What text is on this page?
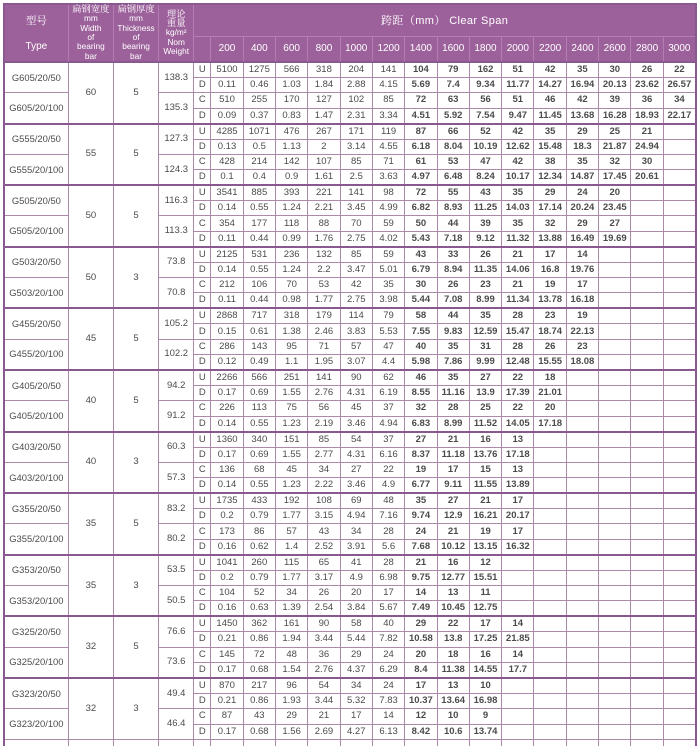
型号
Type

扁钢宽度
mm
Width
of
bearing
bar

扁钢厚度
mm
Thickness
of
bearing
bar

理论
重量
kg/m²
Nom
Weight
	跨距（mm） Clear Span
					200	400	600	800	1000	1200	1400	1600	1800	2000	2200	2400	2600	2800	3000
G605/20/50	60	5	138.3	U	5100	1275	566	318	204	141	104	79	162	51	42	35	30	26	22
				D	0.11	0.46	1.03	1.84	2.88	4.15	5.69	7.4	9.34	11.77	14.27	16.94	20.13	23.62	26.57
G605/20/100			135.3	C	510	255	170	127	102	85	72	63	56	51	46	42	39	36	34
				D	0.09	0.37	0.83	1.47	2.31	3.34	4.51	5.92	7.54	9.47	11.45	13.68	16.28	18.93	22.17
G555/20/50	55	5	127.3	U	4285	1071	476	267	171	119	87	66	52	42	35	29	25	21	
				D	0.13	0.5	1.13	2	3.14	4.55	6.18	8.04	10.19	12.62	15.48	18.3	21.87	24.94	
G555/20/100			124.3	C	428	214	142	107	85	71	61	53	47	42	38	35	32	30	
				D	0.1	0.4	0.9	1.61	2.5	3.63	4.97	6.48	8.24	10.17	12.34	14.87	17.45	20.61	
G505/20/50	50	5	116.3	U	3541	885	393	221	141	98	72	55	43	35	29	24	20		
				D	0.14	0.55	1.24	2.21	3.45	4.99	6.82	8.93	11.25	14.03	17.14	20.24	23.45		
G505/20/100			113.3	C	354	177	118	88	70	59	50	44	39	35	32	29	27		
				D	0.11	0.44	0.99	1.76	2.75	4.02	5.43	7.18	9.12	11.32	13.88	16.49	19.69		
G503/20/50	50	3	73.8	U	2125	531	236	132	85	59	43	33	26	21	17	14			
				D	0.14	0.55	1.24	2.2	3.47	5.01	6.79	8.94	11.35	14.06	16.8	19.76			
G503/20/100			70.8	C	212	106	70	53	42	35	30	26	23	21	19	17			
				D	0.11	0.44	0.98	1.77	2.75	3.98	5.44	7.08	8.99	11.34	13.78	16.18			
G455/20/50	45	5	105.2	U	2868	717	318	179	114	79	58	44	35	28	23	19			
				D	0.15	0.61	1.38	2.46	3.83	5.53	7.55	9.83	12.59	15.47	18.74	22.13			
G455/20/100			102.2	C	286	143	95	71	57	47	40	35	31	28	26	23			
				D	0.12	0.49	1.1	1.95	3.07	4.4	5.98	7.86	9.99	12.48	15.55	18.08			
G405/20/50	40	5	94.2	U	2266	566	251	141	90	62	46	35	27	22	18				
				D	0.17	0.69	1.55	2.76	4.31	6.19	8.55	11.16	13.9	17.39	21.01				
G405/20/100			91.2	C	226	113	75	56	45	37	32	28	25	22	20				
				D	0.14	0.55	1.23	2.19	3.46	4.94	6.83	8.99	11.52	14.05	17.18				
G403/20/50	40	3	60.3	U	1360	340	151	85	54	37	27	21	16	13					
				D	0.17	0.69	1.55	2.77	4.31	6.16	8.37	11.18	13.76	17.18					
G403/20/100			57.3	C	136	68	45	34	27	22	19	17	15	13					
				D	0.14	0.55	1.23	2.22	3.46	4.9	6.77	9.11	11.55	13.89					
G355/20/50	35	5	83.2	U	1735	433	192	108	69	48	35	27	21	17					
				D	0.2	0.79	1.77	3.15	4.94	7.16	9.74	12.9	16.21	20.17					
G355/20/100			80.2	C	173	86	57	43	34	28	24	21	19	17					
				D	0.16	0.62	1.4	2.52	3.91	5.6	7.68	10.12	13.15	16.32					
G353/20/50	35	3	53.5	U	1041	260	115	65	41	28	21	16	12						
				D	0.2	0.79	1.77	3.17	4.9	6.98	9.75	12.77	15.51						
G353/20/100			50.5	C	104	52	34	26	20	17	14	13	11						
				D	0.16	0.63	1.39	2.54	3.84	5.67	7.49	10.45	12.75						
G325/20/50	32	5	76.6	U	1450	362	161	90	58	40	29	22	17	14					
				D	0.21	0.86	1.94	3.44	5.44	7.82	10.58	13.8	17.25	21.85					
G325/20/100			73.6	C	145	72	48	36	29	24	20	18	16	14					
				D	0.17	0.68	1.54	2.76	4.37	6.29	8.4	11.38	14.55	17.7					
G323/20/50	32	3	49.4	U	870	217	96	54	34	24	17	13	10						
				D	0.21	0.86	1.93	3.44	5.32	7.83	10.37	13.64	16.98						
G323/20/100			46.4	C	87	43	29	21	17	14	12	10	9						
				D	0.17	0.68	1.56	2.69	4.27	6.13	8.42	10.6	13.74						
